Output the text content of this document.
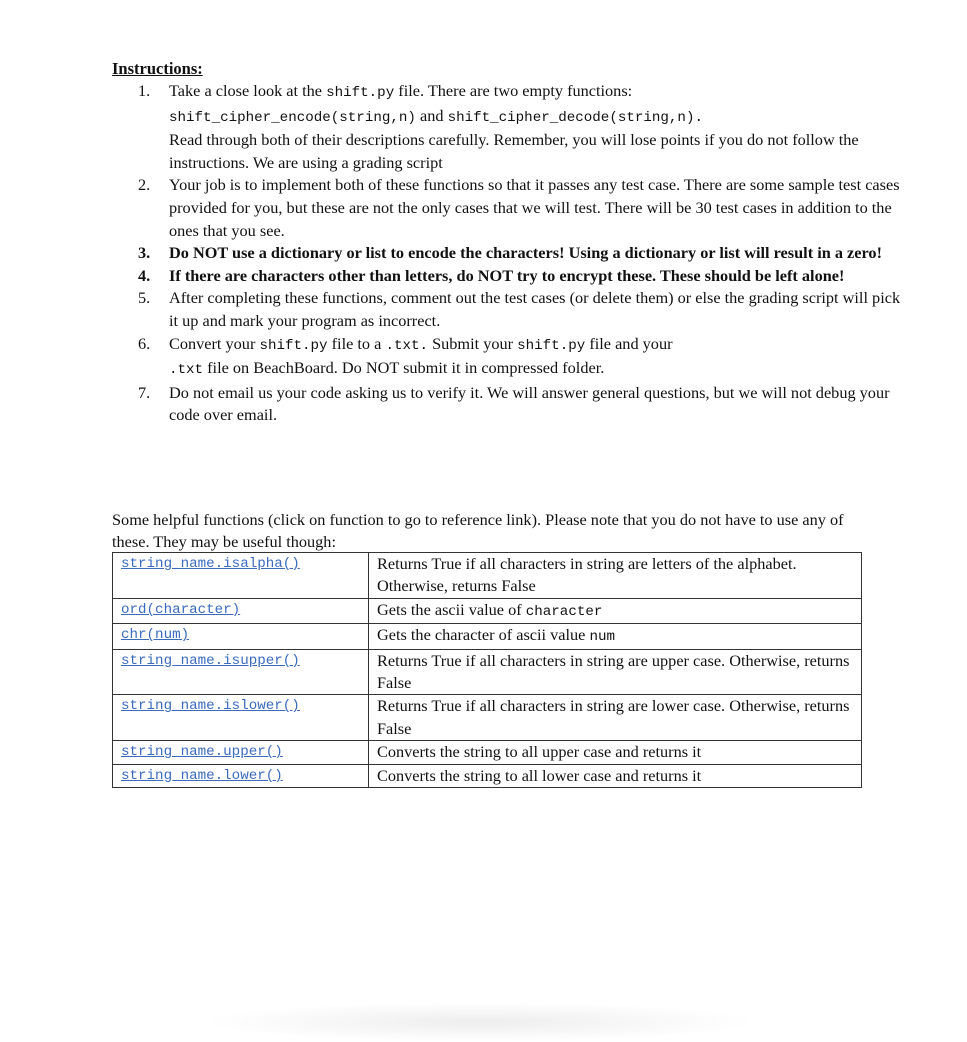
Instructions:
1. Take a close look at the shift.py file. There are two empty functions:
shift_cipher_encode(string,n) and shift_cipher_decode(string,n).
Read through both of their descriptions carefully. Remember, you will lose points if you do not follow the instructions. We are using a grading script
2. Your job is to implement both of these functions so that it passes any test case. There are some sample test cases provided for you, but these are not the only cases that we will test. There will be 30 test cases in addition to the ones that you see.
3. Do NOT use a dictionary or list to encode the characters! Using a dictionary or list will result in a zero!
4. If there are characters other than letters, do NOT try to encrypt these. These should be left alone!
5. After completing these functions, comment out the test cases (or delete them) or else the grading script will pick it up and mark your program as incorrect.
6. Convert your shift.py file to a .txt. Submit your shift.py file and your
.txt file on BeachBoard. Do NOT submit it in compressed folder.
7. Do not email us your code asking us to verify it. We will answer general questions, but we will not debug your code over email.

Some helpful functions (click on function to go to reference link). Please note that you do not have to use any of these. They may be useful though:

string_name.isalpha()	Returns True if all characters in string are letters of the alphabet. Otherwise, returns False
ord(character)	Gets the ascii value of character
chr(num)	Gets the character of ascii value num
string_name.isupper()	Returns True if all characters in string are upper case. Otherwise, returns False
string_name.islower()	Returns True if all characters in string are lower case. Otherwise, returns False
string_name.upper()	Converts the string to all upper case and returns it
string_name.lower()	Converts the string to all lower case and returns it
